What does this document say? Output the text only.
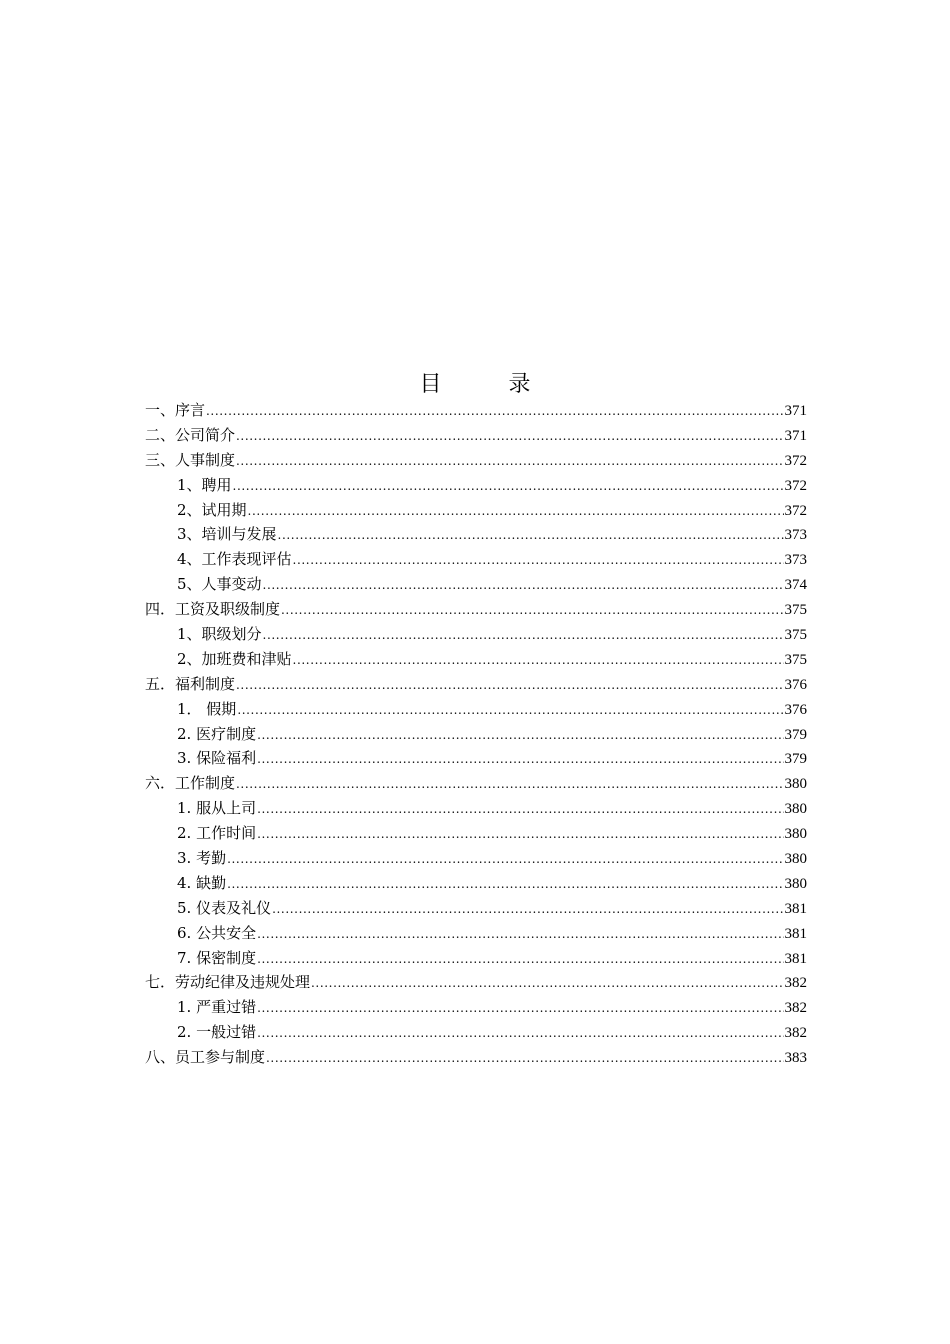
目 录
一、序言 .....	371
二、公司简介 .....	371
三、人事制度 .....	372
1、聘用 .....	372
2、试用期 .....	372
3、培训与发展 .....	373
4、工作表现评估 .....	373
5、人事变动 .....	374
四．工资及职级制度 .....	375
1、职级划分 .....	375
2、加班费和津贴 .....	375
五．福利制度 .....	376
1． 假期 .....	376
2. 医疗制度 .....	379
3. 保险福利 .....	379
六．工作制度 .....	380
1. 服从上司 .....	380
2. 工作时间 .....	380
3. 考勤 .....	380
4. 缺勤 .....	380
5. 仪表及礼仪 .....	381
6. 公共安全 .....	381
7. 保密制度 .....	381
七．劳动纪律及违规处理 .....	382
1. 严重过错 .....	382
2. 一般过错 .....	382
八、员工参与制度 .....	383
